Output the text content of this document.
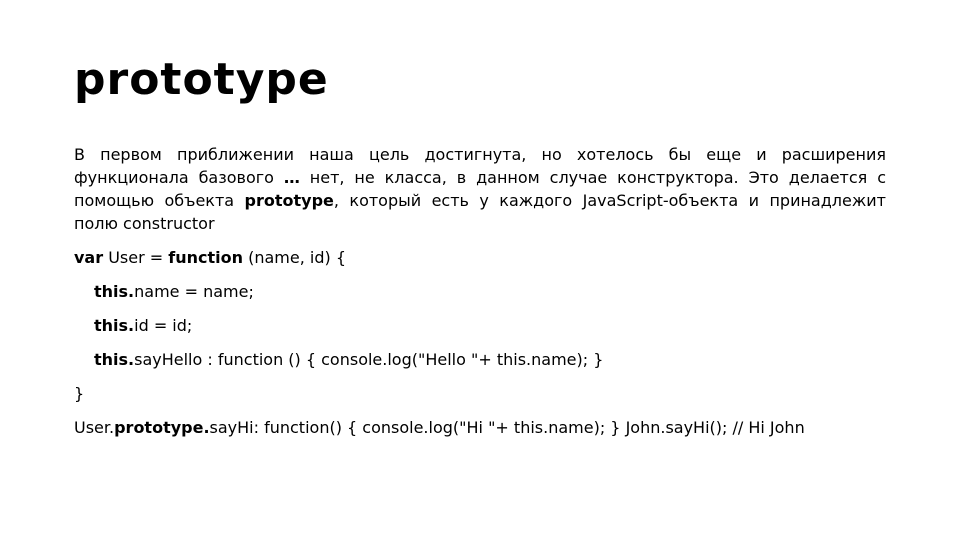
prototype

В первом приближении наша цель достигнута, но хотелось бы еще и расширения функционала базового … нет, не класса, в данном случае конструктора. Это делается с помощью объекта prototype, который есть у каждого JavaScript-объекта и принадлежит полю constructor

var User = function (name, id) {
this.name = name;
this.id = id;
this.sayHello : function () { console.log("Hello "+ this.name); }
}
User.prototype.sayHi: function() { console.log("Hi "+ this.name); } John.sayHi(); // Hi John
